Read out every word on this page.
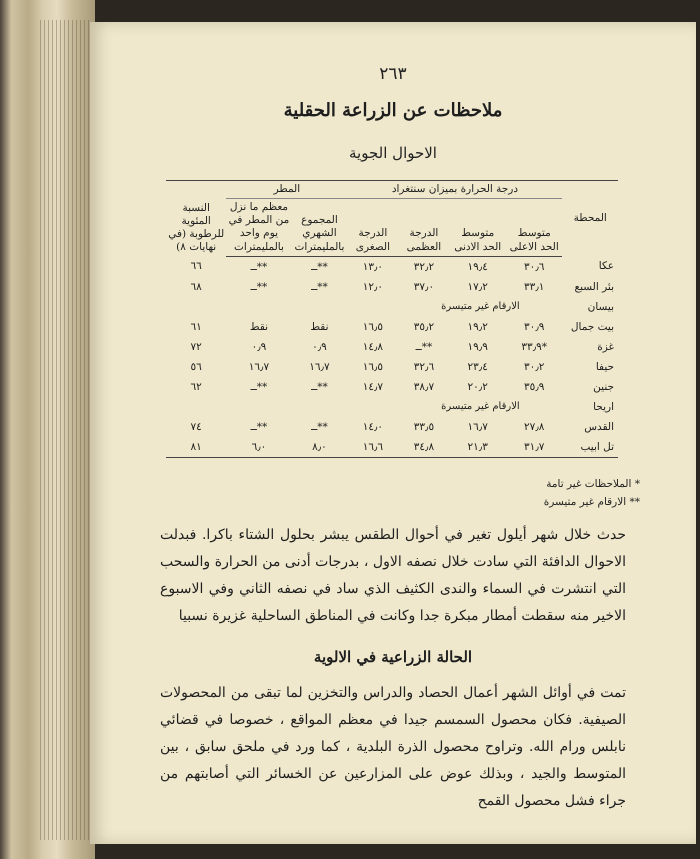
٢٦٣
ملاحظات عن الزراعة الحقلية
الاحوال الجوية
المحطة	درجة الحرارة بميزان سنتغراد				المطر		النسبة المئوية للرطوبة (في نهايات ٨)
	متوسط الحد الاعلى	متوسط الحد الادنى	الدرجة العظمى	الدرجة الصغرى	المجموع الشهري بالمليمترات	معظم ما نزل من المطر في يوم واحد بالمليمترات	
عكا	٣٠٫٦	١٩٫٤	٣٢٫٢	١٣٫٠	**ــ	**ــ	٦٦
بئر السبع	٣٣٫١	١٧٫٢	٣٧٫٠	١٢٫٠	**ــ	**ــ	٦٨
بيسان	الارقام غير متيسرة						
بيت جمال	٣٠٫٩	١٩٫٢	٣٥٫٢	١٦٫٥	نقط	نقط	٦١
غزة	*٣٣٫٩	١٩٫٩	**ــ	١٤٫٨	٠٫٩	٠٫٩	٧٢
حيفا	٣٠٫٢	٢٣٫٤	٣٢٫٦	١٦٫٥	١٦٫٧	١٦٫٧	٥٦
جنين	٣٥٫٩	٢٠٫٢	٣٨٫٧	١٤٫٧	**ــ	**ــ	٦٢
اريحا	الارقام غير متيسرة						
القدس	٢٧٫٨	١٦٫٧	٣٣٫٥	١٤٫٠	**ــ	**ــ	٧٤
تل ابيب	٣١٫٧	٢١٫٣	٣٤٫٨	١٦٫٦	٨٫٠	٦٫٠	٨١
* الملاحظات غير تامة
** الارقام غير متيسرة
حدث خلال شهر أيلول تغير في أحوال الطقس يبشر بحلول الشتاء باكرا. فبدلت الاحوال الدافئة التي سادت خلال نصفه الاول ، بدرجات أدنى من الحرارة والسحب التي انتشرت في السماء والندى الكثيف الذي ساد في نصفه الثاني وفي الاسبوع الاخير منه سقطت أمطار مبكرة جدا وكانت في المناطق الساحلية غزيرة نسبيا
الحالة الزراعية في الالوية
تمت في أوائل الشهر أعمال الحصاد والدراس والتخزين لما تبقى من المحصولات الصيفية. فكان محصول السمسم جيدا في معظم المواقع ، خصوصا في قضائي نابلس ورام الله. وتراوح محصول الذرة البلدية ، كما ورد في ملحق سابق ، بين المتوسط والجيد ، وبذلك عوض على المزارعين عن الخسائر التي أصابتهم من جراء فشل محصول القمح
